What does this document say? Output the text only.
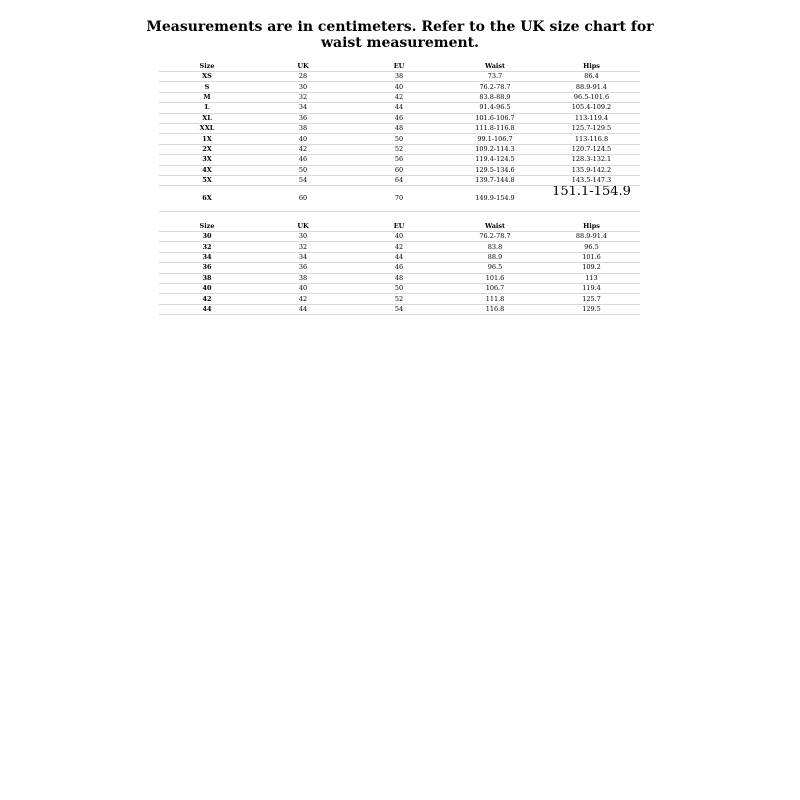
Measurements are in centimeters. Refer to the UK size chart for waist measurement.
Size	UK	EU	Waist	Hips
XS	28	38	73.7	86.4
S	30	40	76.2-78.7	88.9-91.4
M	32	42	83.8-88.9	96.5-101.6
L	34	44	91.4-96.5	105.4-109.2
XL	36	46	101.6-106.7	113-119.4
XXL	38	48	111.8-116.8	125.7-129.5
1X	40	50	99.1-106.7	113-116.8
2X	42	52	109.2-114.3	120.7-124.5
3X	46	56	119.4-124.5	128.3-132.1
4X	50	60	129.5-134.6	135.9-142.2
5X	54	64	139.7-144.8	143.5-147.3
6X	60	70	149.9-154.9	151.1-154.9
Size	UK	EU	Waist	Hips
30	30	40	76.2-78.7	88.9-91.4
32	32	42	83.8	96.5
34	34	44	88.9	101.6
36	36	46	96.5	109.2
38	38	48	101.6	113
40	40	50	106.7	119.4
42	42	52	111.8	125.7
44	44	54	116.8	129.5
